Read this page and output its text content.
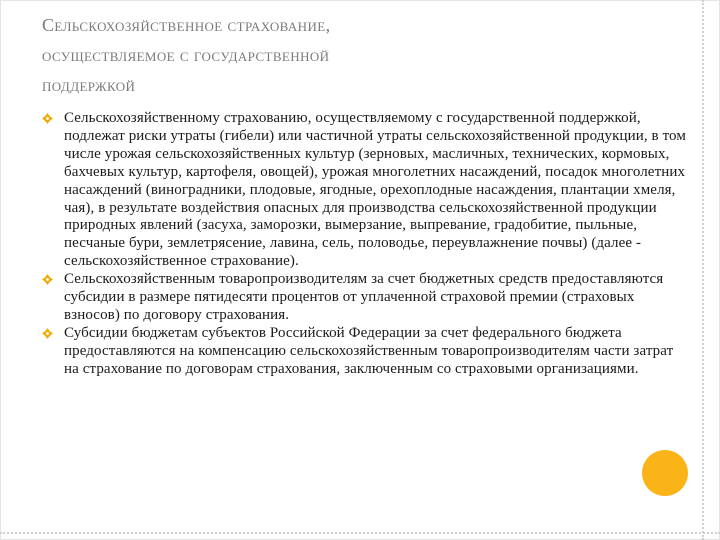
Сельскохозяйственное страхование,
осуществляемое с государственной
поддержкой
Сельскохозяйственному страхованию, осуществляемому с государственной поддержкой, подлежат риски утраты (гибели) или частичной утраты сельскохозяйственной продукции, в том числе урожая сельскохозяйственных культур (зерновых, масличных, технических, кормовых, бахчевых культур, картофеля, овощей), урожая многолетних насаждений, посадок многолетних насаждений (виноградники, плодовые, ягодные, орехоплодные насаждения, плантации хмеля, чая), в результате воздействия опасных для производства сельскохозяйственной продукции природных явлений (засуха, заморозки, вымерзание, выпревание, градобитие, пыльные, песчаные бури, землетрясение, лавина, сель, половодье, переувлажнение почвы) (далее - сельскохозяйственное страхование).
Сельскохозяйственным товаропроизводителям за счет бюджетных средств предоставляются субсидии в размере пятидесяти процентов от уплаченной страховой премии (страховых взносов) по договору страхования.
Субсидии бюджетам субъектов Российской Федерации за счет федерального бюджета предоставляются на компенсацию сельскохозяйственным товаропроизводителям части затрат на страхование по договорам страхования, заключенным со страховыми организациями.
